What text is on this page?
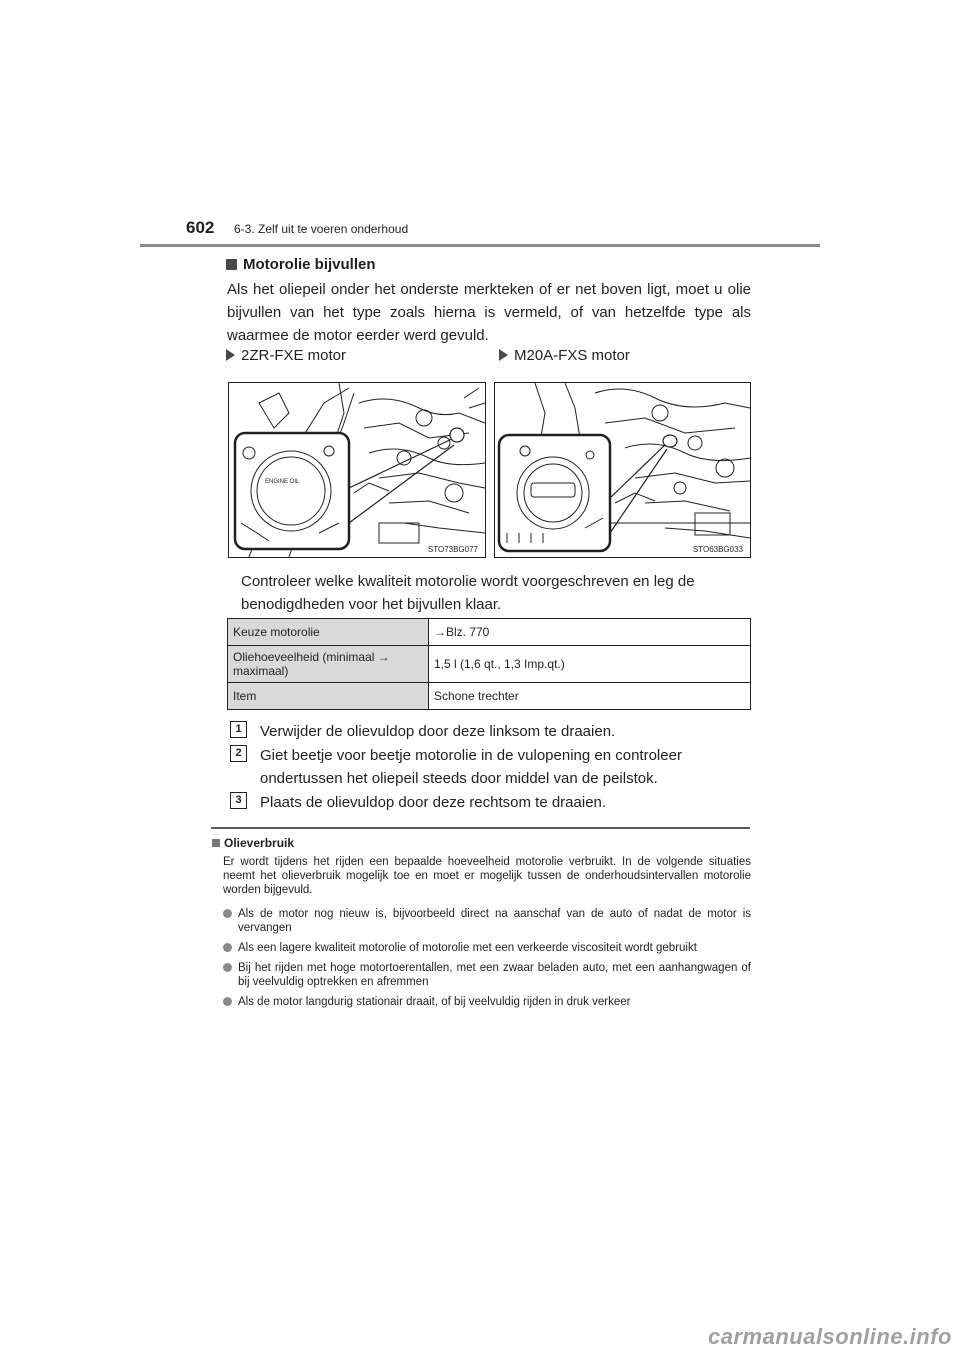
602 6-3. Zelf uit te voeren onderhoud
Motorolie bijvullen
Als het oliepeil onder het onderste merkteken of er net boven ligt, moet u olie bijvullen van het type zoals hierna is vermeld, of van hetzelfde type als waarmee de motor eerder werd gevuld.
2ZR-FXE motor	M20A-FXS motor
ENGINE OIL
STO73BG077	STO63BG033
Controleer welke kwaliteit motorolie wordt voorgeschreven en leg de benodigdheden voor het bijvullen klaar.
Keuze motorolie	→Blz. 770
Oliehoeveelheid (minimaal → maximaal)	1,5 l (1,6 qt., 1,3 Imp.qt.)
Item	Schone trechter
1	Verwijder de olievuldop door deze linksom te draaien.
2	Giet beetje voor beetje motorolie in de vulopening en controleer ondertussen het oliepeil steeds door middel van de peilstok.
3	Plaats de olievuldop door deze rechtsom te draaien.
Olieverbruik
Er wordt tijdens het rijden een bepaalde hoeveelheid motorolie verbruikt. In de volgende situaties neemt het olieverbruik mogelijk toe en moet er mogelijk tussen de onderhoudsintervallen motorolie worden bijgevuld.
Als de motor nog nieuw is, bijvoorbeeld direct na aanschaf van de auto of nadat de motor is vervangen
Als een lagere kwaliteit motorolie of motorolie met een verkeerde viscositeit wordt gebruikt
Bij het rijden met hoge motortoerentallen, met een zwaar beladen auto, met een aanhangwagen of bij veelvuldig optrekken en afremmen
Als de motor langdurig stationair draait, of bij veelvuldig rijden in druk verkeer
carmanualsonline.info
